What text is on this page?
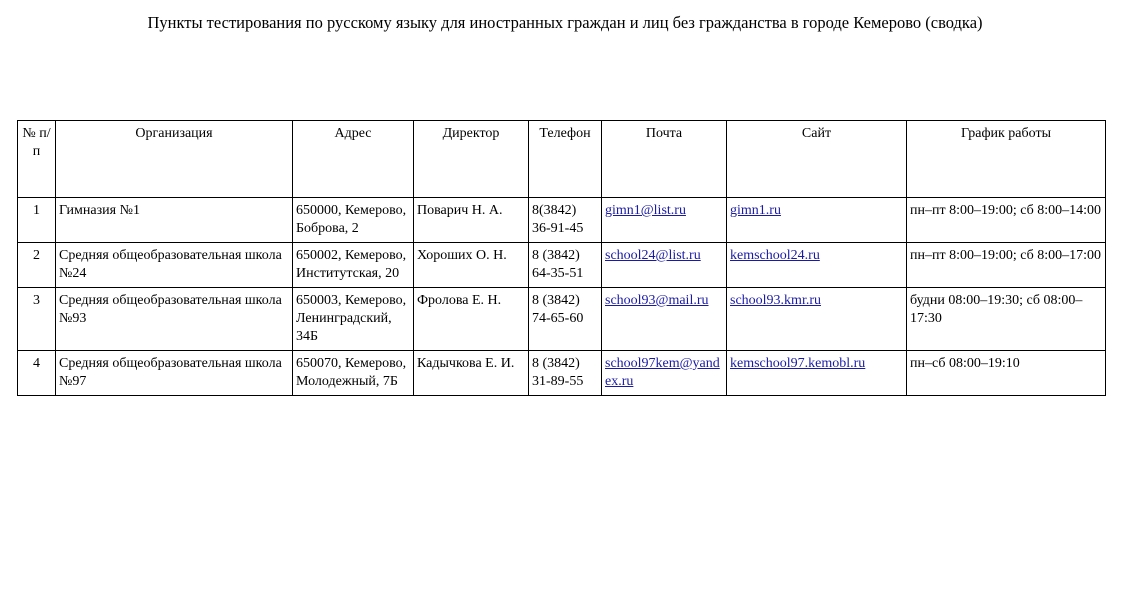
Пункты тестирования по русскому языку для иностранных граждан и лиц без гражданства в городе Кемерово (сводка)
№ п/п	Организация	Адрес	Директор	Телефон	Почта	Сайт	График работы
1	Гимназия №1	650000, Кемерово, Боброва, 2	Поварич Н. А.	8(3842) 36-91-45	gimn1@list.ru	gimn1.ru	пн–пт 8:00–19:00; сб 8:00–14:00
2	Средняя общеобразовательная школа №24	650002, Кемерово, Институтская, 20	Хороших О. Н.	8 (3842) 64-35-51	school24@list.ru	kemschool24.ru	пн–пт 8:00–19:00; сб 8:00–17:00
3	Средняя общеобразовательная школа №93	650003, Кемерово, Ленинградский, 34Б	Фролова Е. Н.	8 (3842) 74-65-60	school93@mail.ru	school93.kmr.ru	будни 08:00–19:30; сб 08:00–17:30
4	Средняя общеобразовательная школа №97	650070, Кемерово, Молодежный, 7Б	Кадычкова Е. И.	8 (3842) 31-89-55	school97kem@yandex.ru	kemschool97.kemobl.ru	пн–сб 08:00–19:10
